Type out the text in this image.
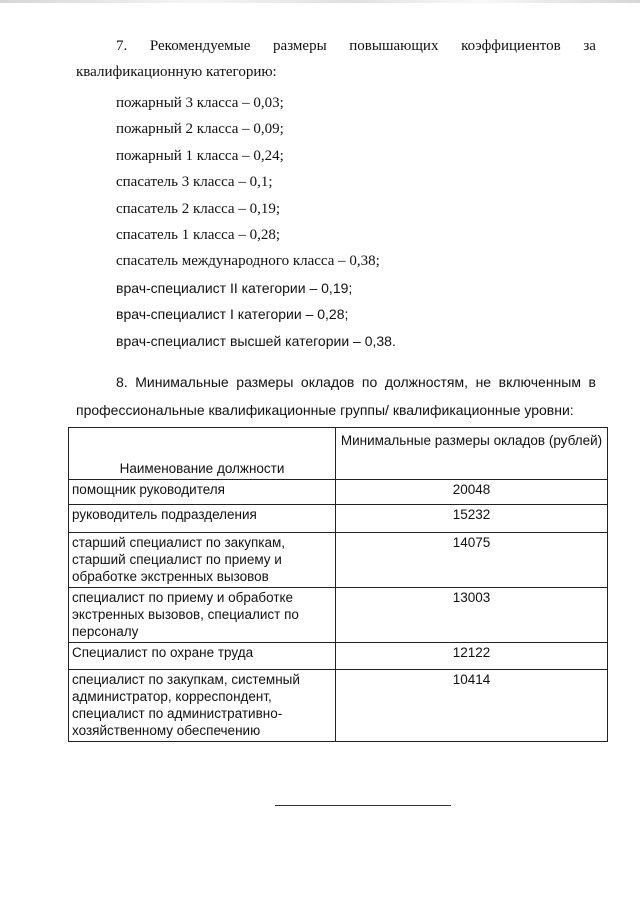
7. Рекомендуемые размеры повышающих коэффициентов за
квалификационную категорию:
пожарный 3 класса – 0,03;
пожарный 2 класса – 0,09;
пожарный 1 класса – 0,24;
спасатель 3 класса – 0,1;
спасатель 2 класса – 0,19;
спасатель 1 класса – 0,28;
спасатель международного класса – 0,38;
врач-специалист II категории – 0,19;
врач-специалист I категории – 0,28;
врач-специалист высшей категории – 0,38.
8. Минимальные размеры окладов по должностям, не включенным в
профессиональные квалификационные группы/ квалификационные уровни:
Наименование должности	Минимальные размеры окладов (рублей)
помощник руководителя	20048
руководитель подразделения	15232
старший специалист по закупкам, старший специалист по приему и обработке экстренных вызовов	14075
специалист по приему и обработке экстренных вызовов, специалист по персоналу	13003
Специалист по охране труда	12122
специалист по закупкам, системный администратор, корреспондент, специалист по административно-хозяйственному обеспечению	10414
